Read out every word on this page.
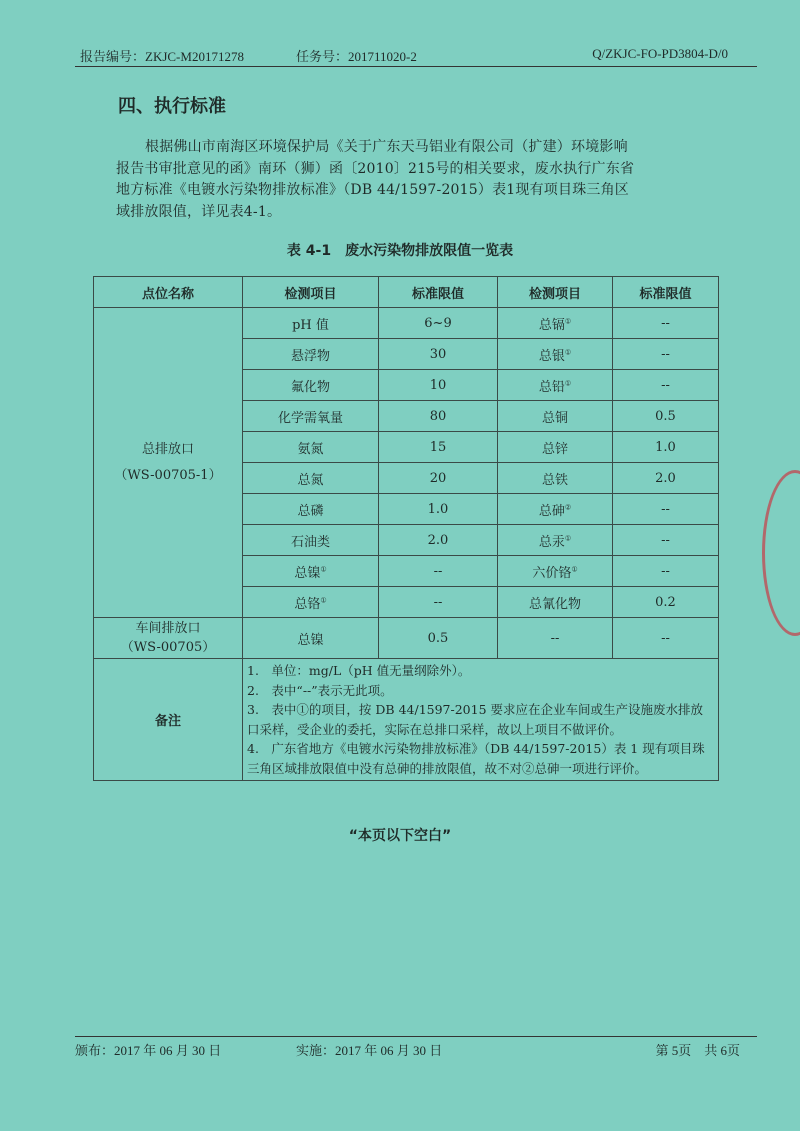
报告编号：ZKJC-M20171278	任务号：201711020-2	Q/ZKJC-FO-PD3804-D/0
四、执行标准
根据佛山市南海区环境保护局《关于广东天马铝业有限公司（扩建）环境影响报告书审批意见的函》南环（狮）函〔2010〕215号的相关要求，废水执行广东省地方标准《电镀水污染物排放标准》（DB 44/1597-2015）表1现有项目珠三角区域排放限值，详见表4-1。
表 4-1　废水污染物排放限值一览表
点位名称	检测项目	标准限值	检测项目	标准限值

总排放口
（WS-00705-1）	pH 值	6~9	总镉①	--
	悬浮物	30	总银①	--
	氟化物	10	总铅①	--
	化学需氧量	80	总铜	0.5
	氨氮	15	总锌	1.0
	总氮	20	总铁	2.0
	总磷	1.0	总砷②	--
	石油类	2.0	总汞①	--
	总镍①	--	六价铬①	--
	总铬①	--	总氰化物	0.2

车间排放口
（WS-00705）	总镍	0.5	--	--
备注	1.　单位：mg/L（pH 值无量纲除外）。
2.　表中“--”表示无此项。
3.　表中①的项目，按 DB 44/1597-2015 要求应在企业车间或生产设施废水排放口采样，受企业的委托，实际在总排口采样，故以上项目不做评价。
4.　广东省地方《电镀水污染物排放标准》（DB 44/1597-2015）表 1 现有项目珠三角区域排放限值中没有总砷的排放限值，故不对②总砷一项进行评价。			
“本页以下空白”
颁布：2017 年 06 月 30 日	实施：2017 年 06 月 30 日	第 5页　共 6页
